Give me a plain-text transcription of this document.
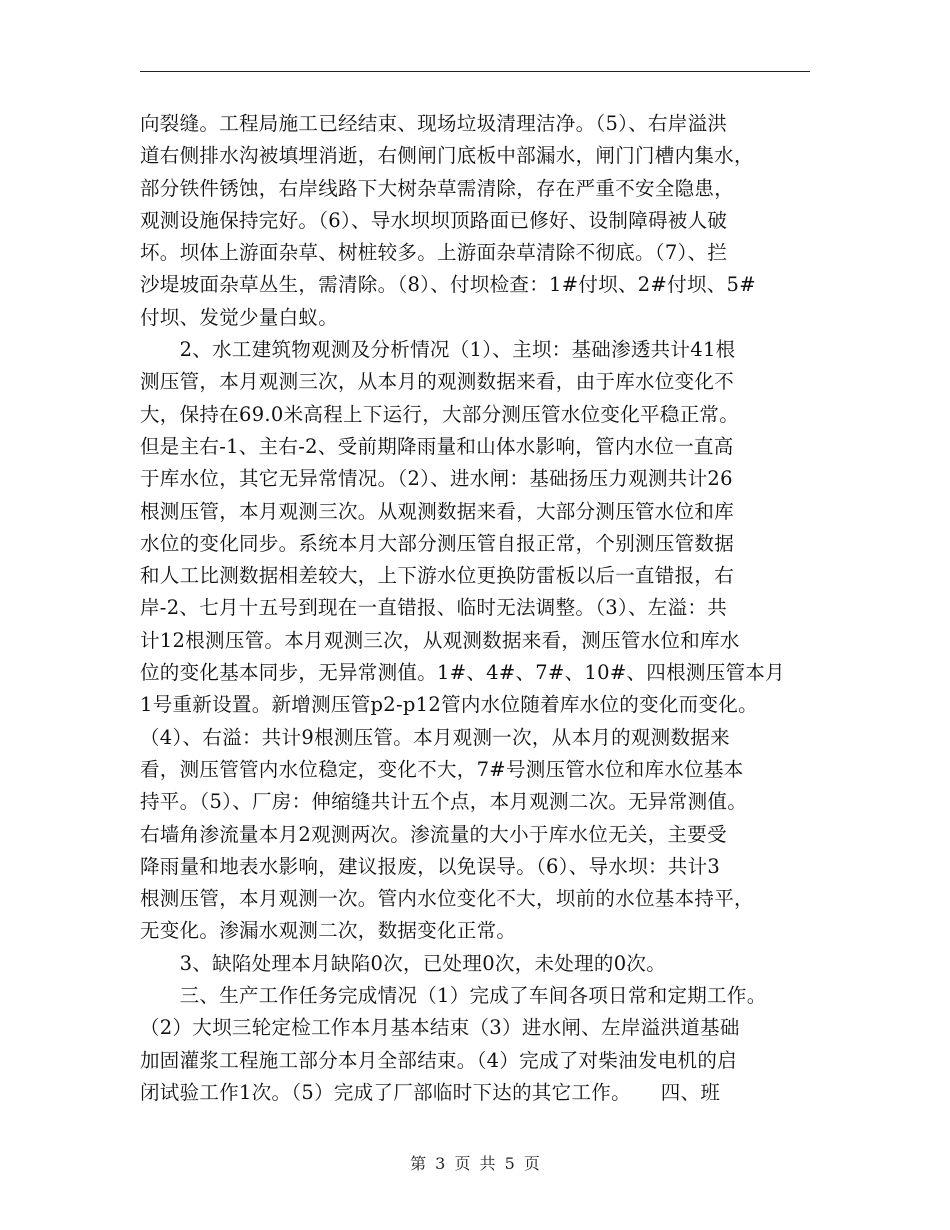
向裂缝。工程局施工已经结束、现场垃圾清理洁净。（5）、右岸溢洪
道右侧排水沟被填埋消逝，右侧闸门底板中部漏水，闸门门槽内集水，
部分铁件锈蚀，右岸线路下大树杂草需清除，存在严重不安全隐患，
观测设施保持完好。（6）、导水坝坝顶路面已修好、设制障碍被人破
坏。坝体上游面杂草、树桩较多。上游面杂草清除不彻底。（7）、拦
沙堤坡面杂草丛生，需清除。（8）、付坝检查：1#付坝、2#付坝、5#
付坝、发觉少量白蚁。
　　2、水工建筑物观测及分析情况（1）、主坝：基础渗透共计41根
测压管，本月观测三次，从本月的观测数据来看，由于库水位变化不
大，保持在69.0米高程上下运行，大部分测压管水位变化平稳正常。
但是主右-1、主右-2、受前期降雨量和山体水影响，管内水位一直高
于库水位，其它无异常情况。（2）、进水闸：基础扬压力观测共计26
根测压管，本月观测三次。从观测数据来看，大部分测压管水位和库
水位的变化同步。系统本月大部分测压管自报正常，个别测压管数据
和人工比测数据相差较大，上下游水位更换防雷板以后一直错报，右
岸-2、七月十五号到现在一直错报、临时无法调整。（3）、左溢：共
计12根测压管。本月观测三次，从观测数据来看，测压管水位和库水
位的变化基本同步，无异常测值。1#、4#、7#、10#、四根测压管本月
1号重新设置。新增测压管p2-p12管内水位随着库水位的变化而变化。
（4）、右溢：共计9根测压管。本月观测一次，从本月的观测数据来
看，测压管管内水位稳定，变化不大，7#号测压管水位和库水位基本
持平。（5）、厂房：伸缩缝共计五个点，本月观测二次。无异常测值。
右墙角渗流量本月2观测两次。渗流量的大小于库水位无关，主要受
降雨量和地表水影响，建议报废，以免误导。（6）、导水坝：共计3
根测压管，本月观测一次。管内水位变化不大，坝前的水位基本持平，
无变化。渗漏水观测二次，数据变化正常。
　　3、缺陷处理本月缺陷0次，已处理0次，未处理的0次。
　　三、生产工作任务完成情况（1）完成了车间各项日常和定期工作。
（2）大坝三轮定检工作本月基本结束（3）进水闸、左岸溢洪道基础
加固灌浆工程施工部分本月全部结束。（4）完成了对柴油发电机的启
闭试验工作1次。（5）完成了厂部临时下达的其它工作。　　四、班
第 3 页 共 5 页
